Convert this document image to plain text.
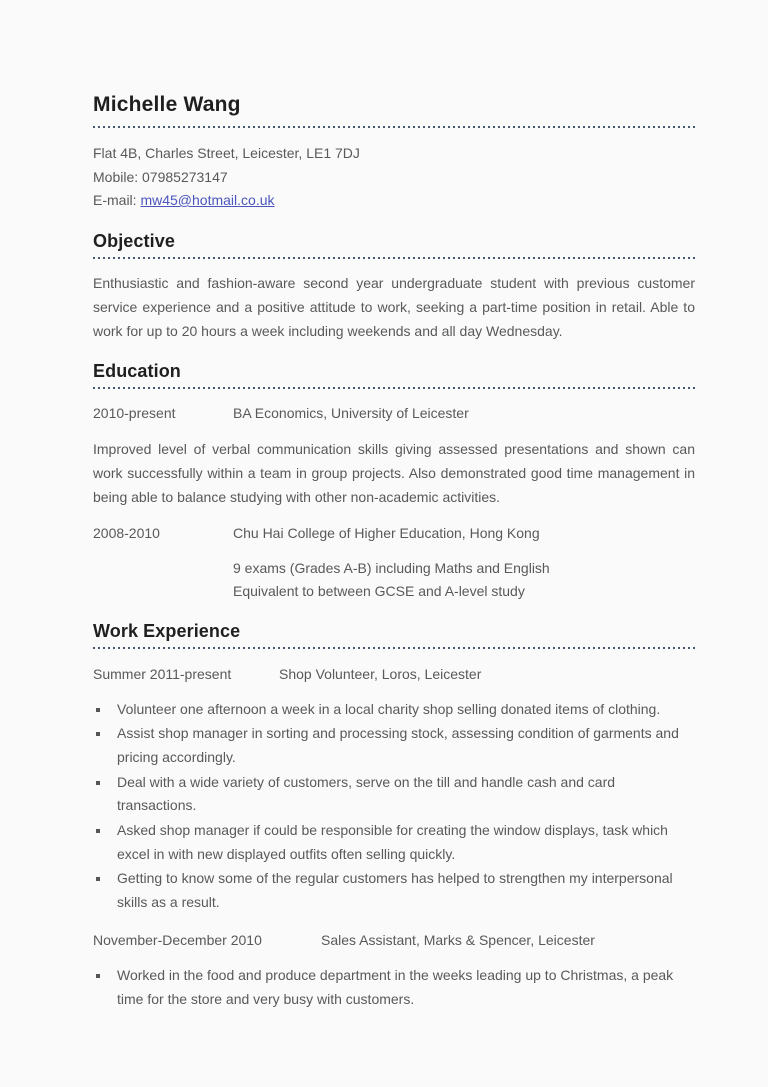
Michelle Wang
Flat 4B, Charles Street, Leicester, LE1 7DJ
Mobile: 07985273147
E-mail: mw45@hotmail.co.uk
Objective

Enthusiastic and fashion-aware second year undergraduate student with previous customer service experience and a positive attitude to work, seeking a part-time position in retail. Able to work for up to 20 hours a week including weekends and all day Wednesday.

Education
2010-present	BA Economics, University of Leicester

Improved level of verbal communication skills giving assessed presentations and shown can work successfully within a team in group projects. Also demonstrated good time management in being able to balance studying with other non-academic activities.

2008-2010	Chu Hai College of Higher Education, Hong Kong
9 exams (Grades A-B) including Maths and English
Equivalent to between GCSE and A-level study
Work Experience
Summer 2011-present	Shop Volunteer, Loros, Leicester
Volunteer one afternoon a week in a local charity shop selling donated items of clothing.
Assist shop manager in sorting and processing stock, assessing condition of garments and pricing accordingly.
Deal with a wide variety of customers, serve on the till and handle cash and card transactions.
Asked shop manager if could be responsible for creating the window displays, task which excel in with new displayed outfits often selling quickly.
Getting to know some of the regular customers has helped to strengthen my interpersonal skills as a result.
November-December 2010	Sales Assistant, Marks & Spencer, Leicester
Worked in the food and produce department in the weeks leading up to Christmas, a peak time for the store and very busy with customers.
